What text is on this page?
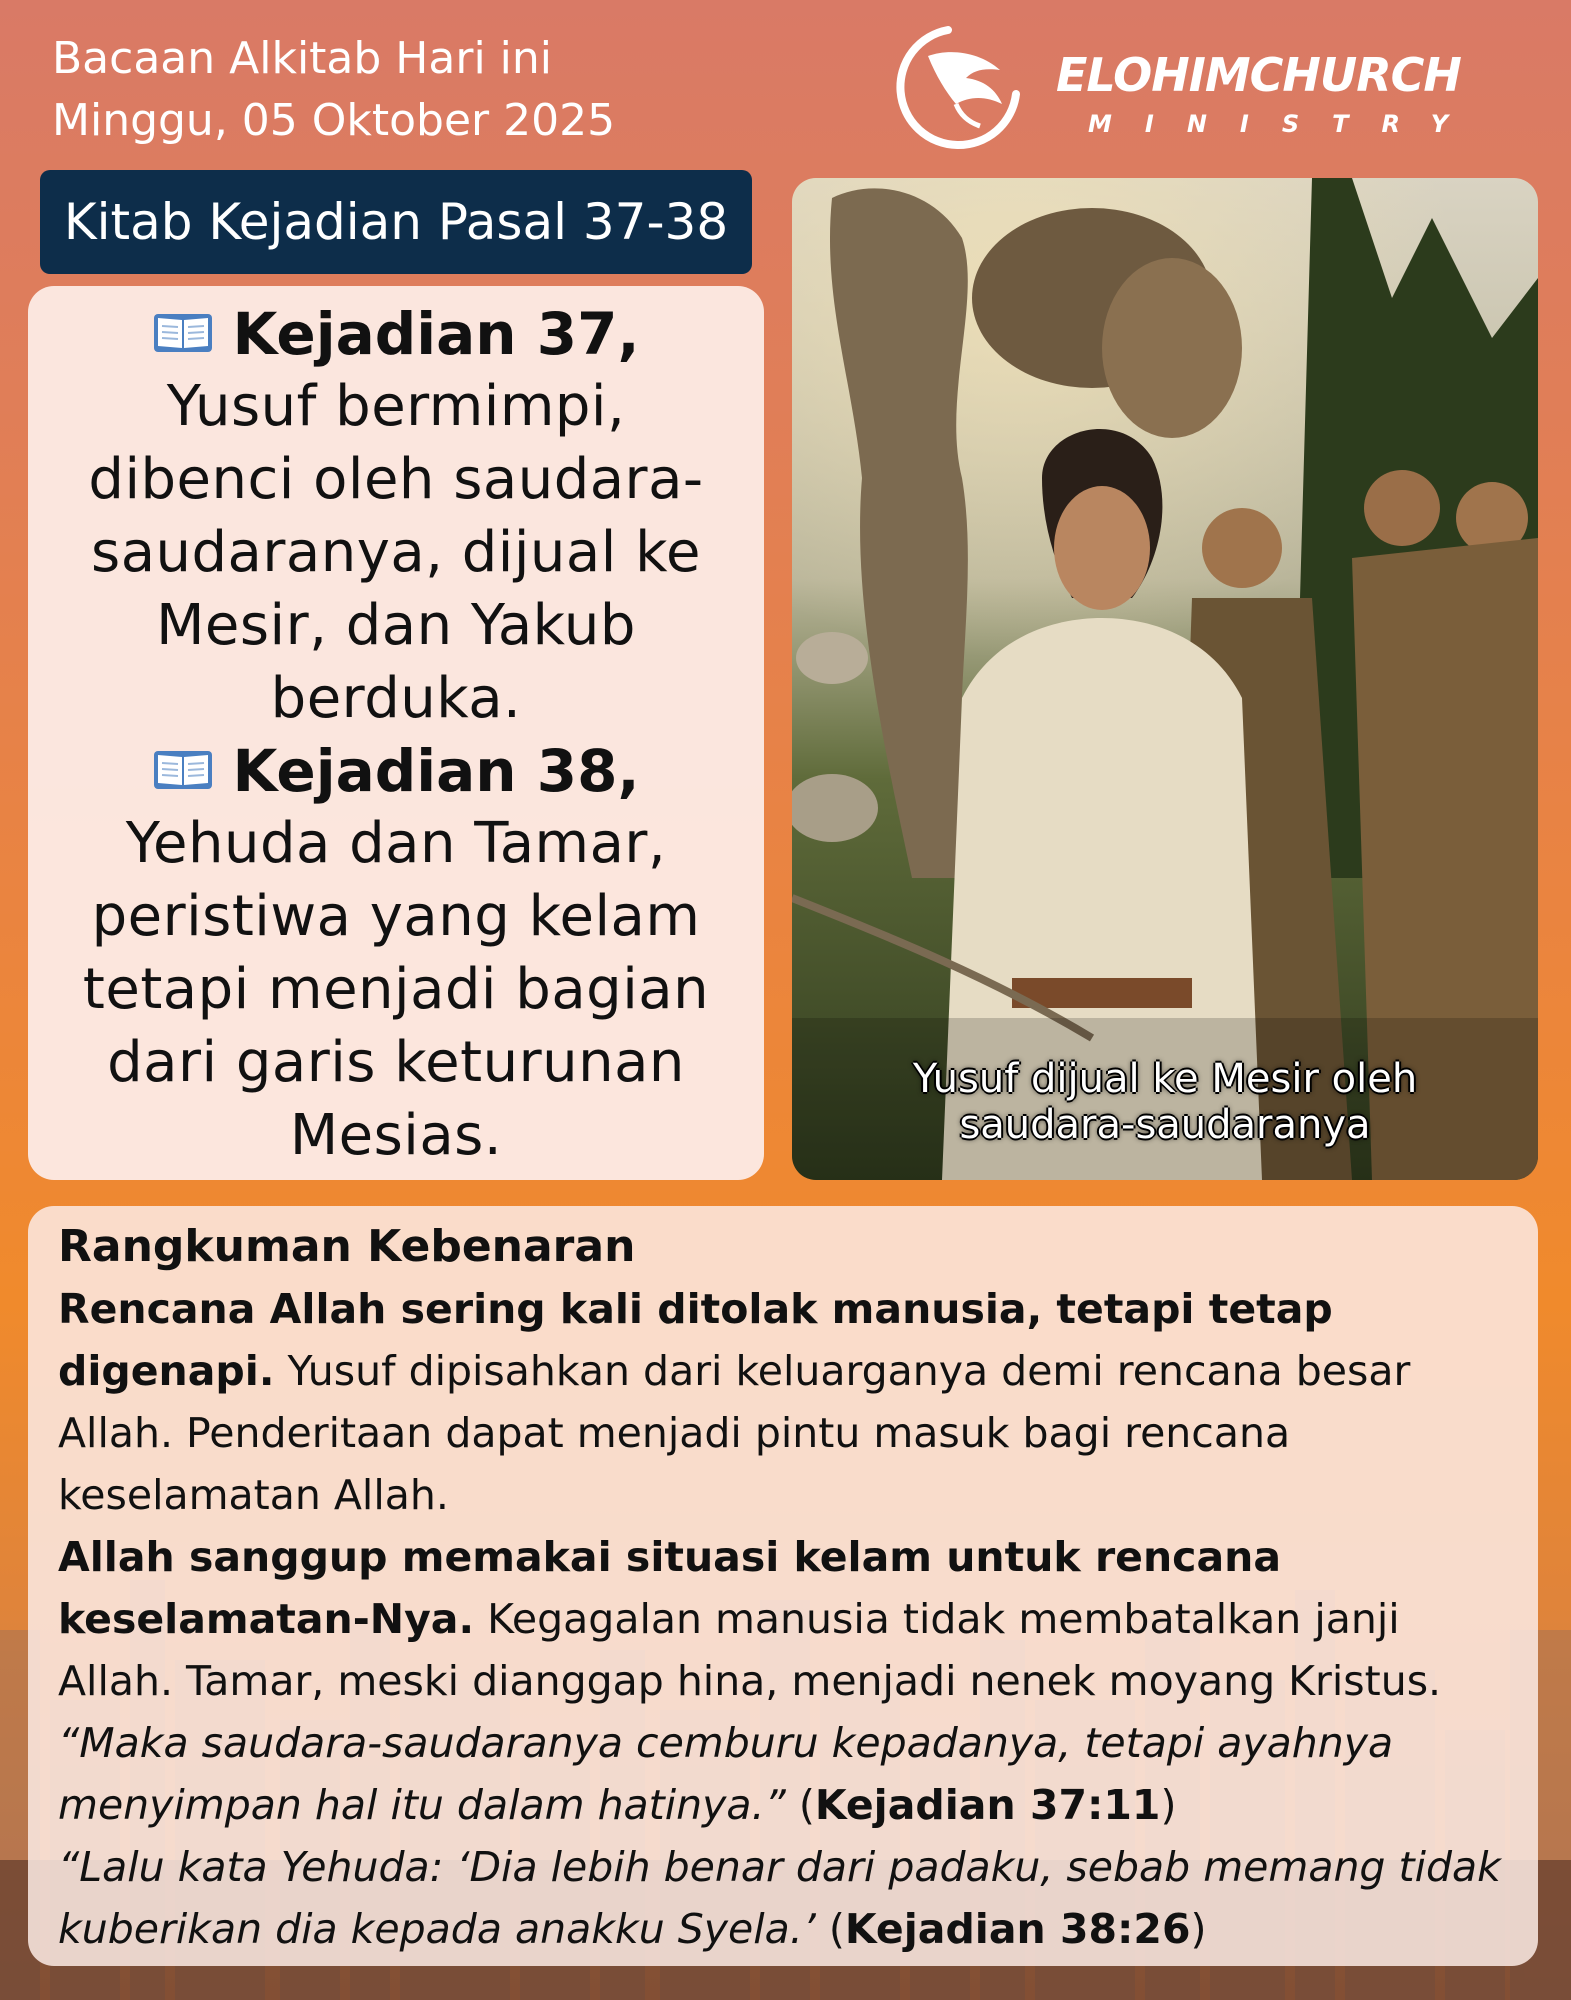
Bacaan Alkitab Hari ini
Minggu, 05 Oktober 2025
ELOHIMCHURCH
MINISTRY
Kitab Kejadian Pasal 37-38

Kejadian 37,

Yusuf bermimpi,
dibenci oleh saudara-
saudaranya, dijual ke
Mesir, dan Yakub
berduka.

Kejadian 38,

Yehuda dan Tamar,
peristiwa yang kelam
tetapi menjadi bagian
dari garis keturunan
Mesias.

Yusuf dijual ke Mesir oleh
saudara-saudaranya

Rangkuman Kebenaran

Rencana Allah sering kali ditolak manusia, tetapi tetap digenapi. Yusuf dipisahkan dari keluarganya demi rencana besar Allah. Penderitaan dapat menjadi pintu masuk bagi rencana keselamatan Allah.

Allah sanggup memakai situasi kelam untuk rencana keselamatan-Nya. Kegagalan manusia tidak membatalkan janji Allah. Tamar, meski dianggap hina, menjadi nenek moyang Kristus.

“Maka saudara-saudaranya cemburu kepadanya, tetapi ayahnya menyimpan hal itu dalam hatinya.” (Kejadian 37:11)

“Lalu kata Yehuda: ‘Dia lebih benar dari padaku, sebab memang tidak kuberikan dia kepada anakku Syela.’ (Kejadian 38:26)
